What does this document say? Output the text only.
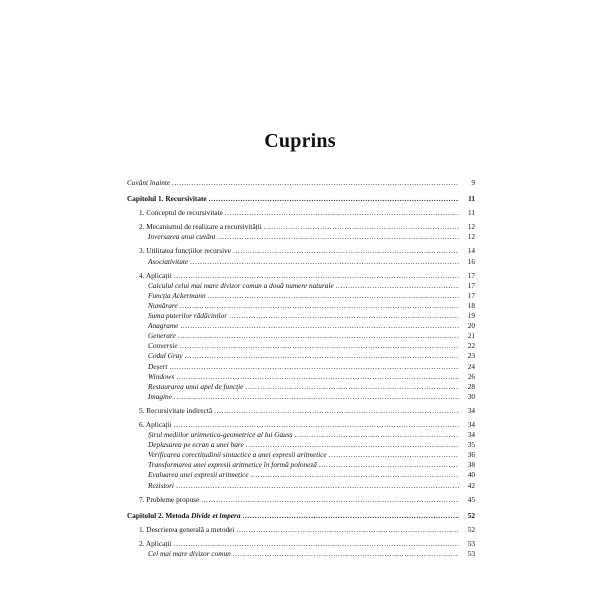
Cuprins
Cuvânt înainte . . .	9
Capitolul 1. Recursivitate . . .	11
1. Conceptul de recursivitate . . .	11
2. Mecanismul de realizare a recursivității . . .	12
Inversarea unui cuvânt . . .	12
3. Utilitatea funcțiilor recursive . . .	14
Asociativitate . . .	16
4. Aplicații . . .	17
Calculul celui mai mare divizor comun a două numere naturale . . .	17
Funcția Ackermann . . .	17
Numărare . . .	18
Suma puterilor rădăcinilor . . .	19
Anagrame . . .	20
Generare . . .	21
Conversie . . .	22
Codul Gray . . .	23
Deșert . . .	24
Windows . . .	26
Restaurarea unui apel de funcție . . .	28
Imagine . . .	30
5. Recursivitate indirectă . . .	34
6. Aplicații . . .	34
Șirul mediilor aritmetico-geometrice al lui Gauss . . .	34
Deplasarea pe ecran a unei bare . . .	35
Verificarea corectitudinii sintactice a unei expresii aritmetice . . .	36
Transformarea unei expresii aritmetice în formă poloneză . . .	38
Evaluarea unei expresii aritmetice . . .	40
Rezistori . . .	42
7. Probleme propuse . . .	45
Capitolul 2. Metoda Divide et impera . . .	52
1. Descrierea generală a metodei . . .	52
2. Aplicații . . .	53
Cel mai mare divizor comun . . .	53
